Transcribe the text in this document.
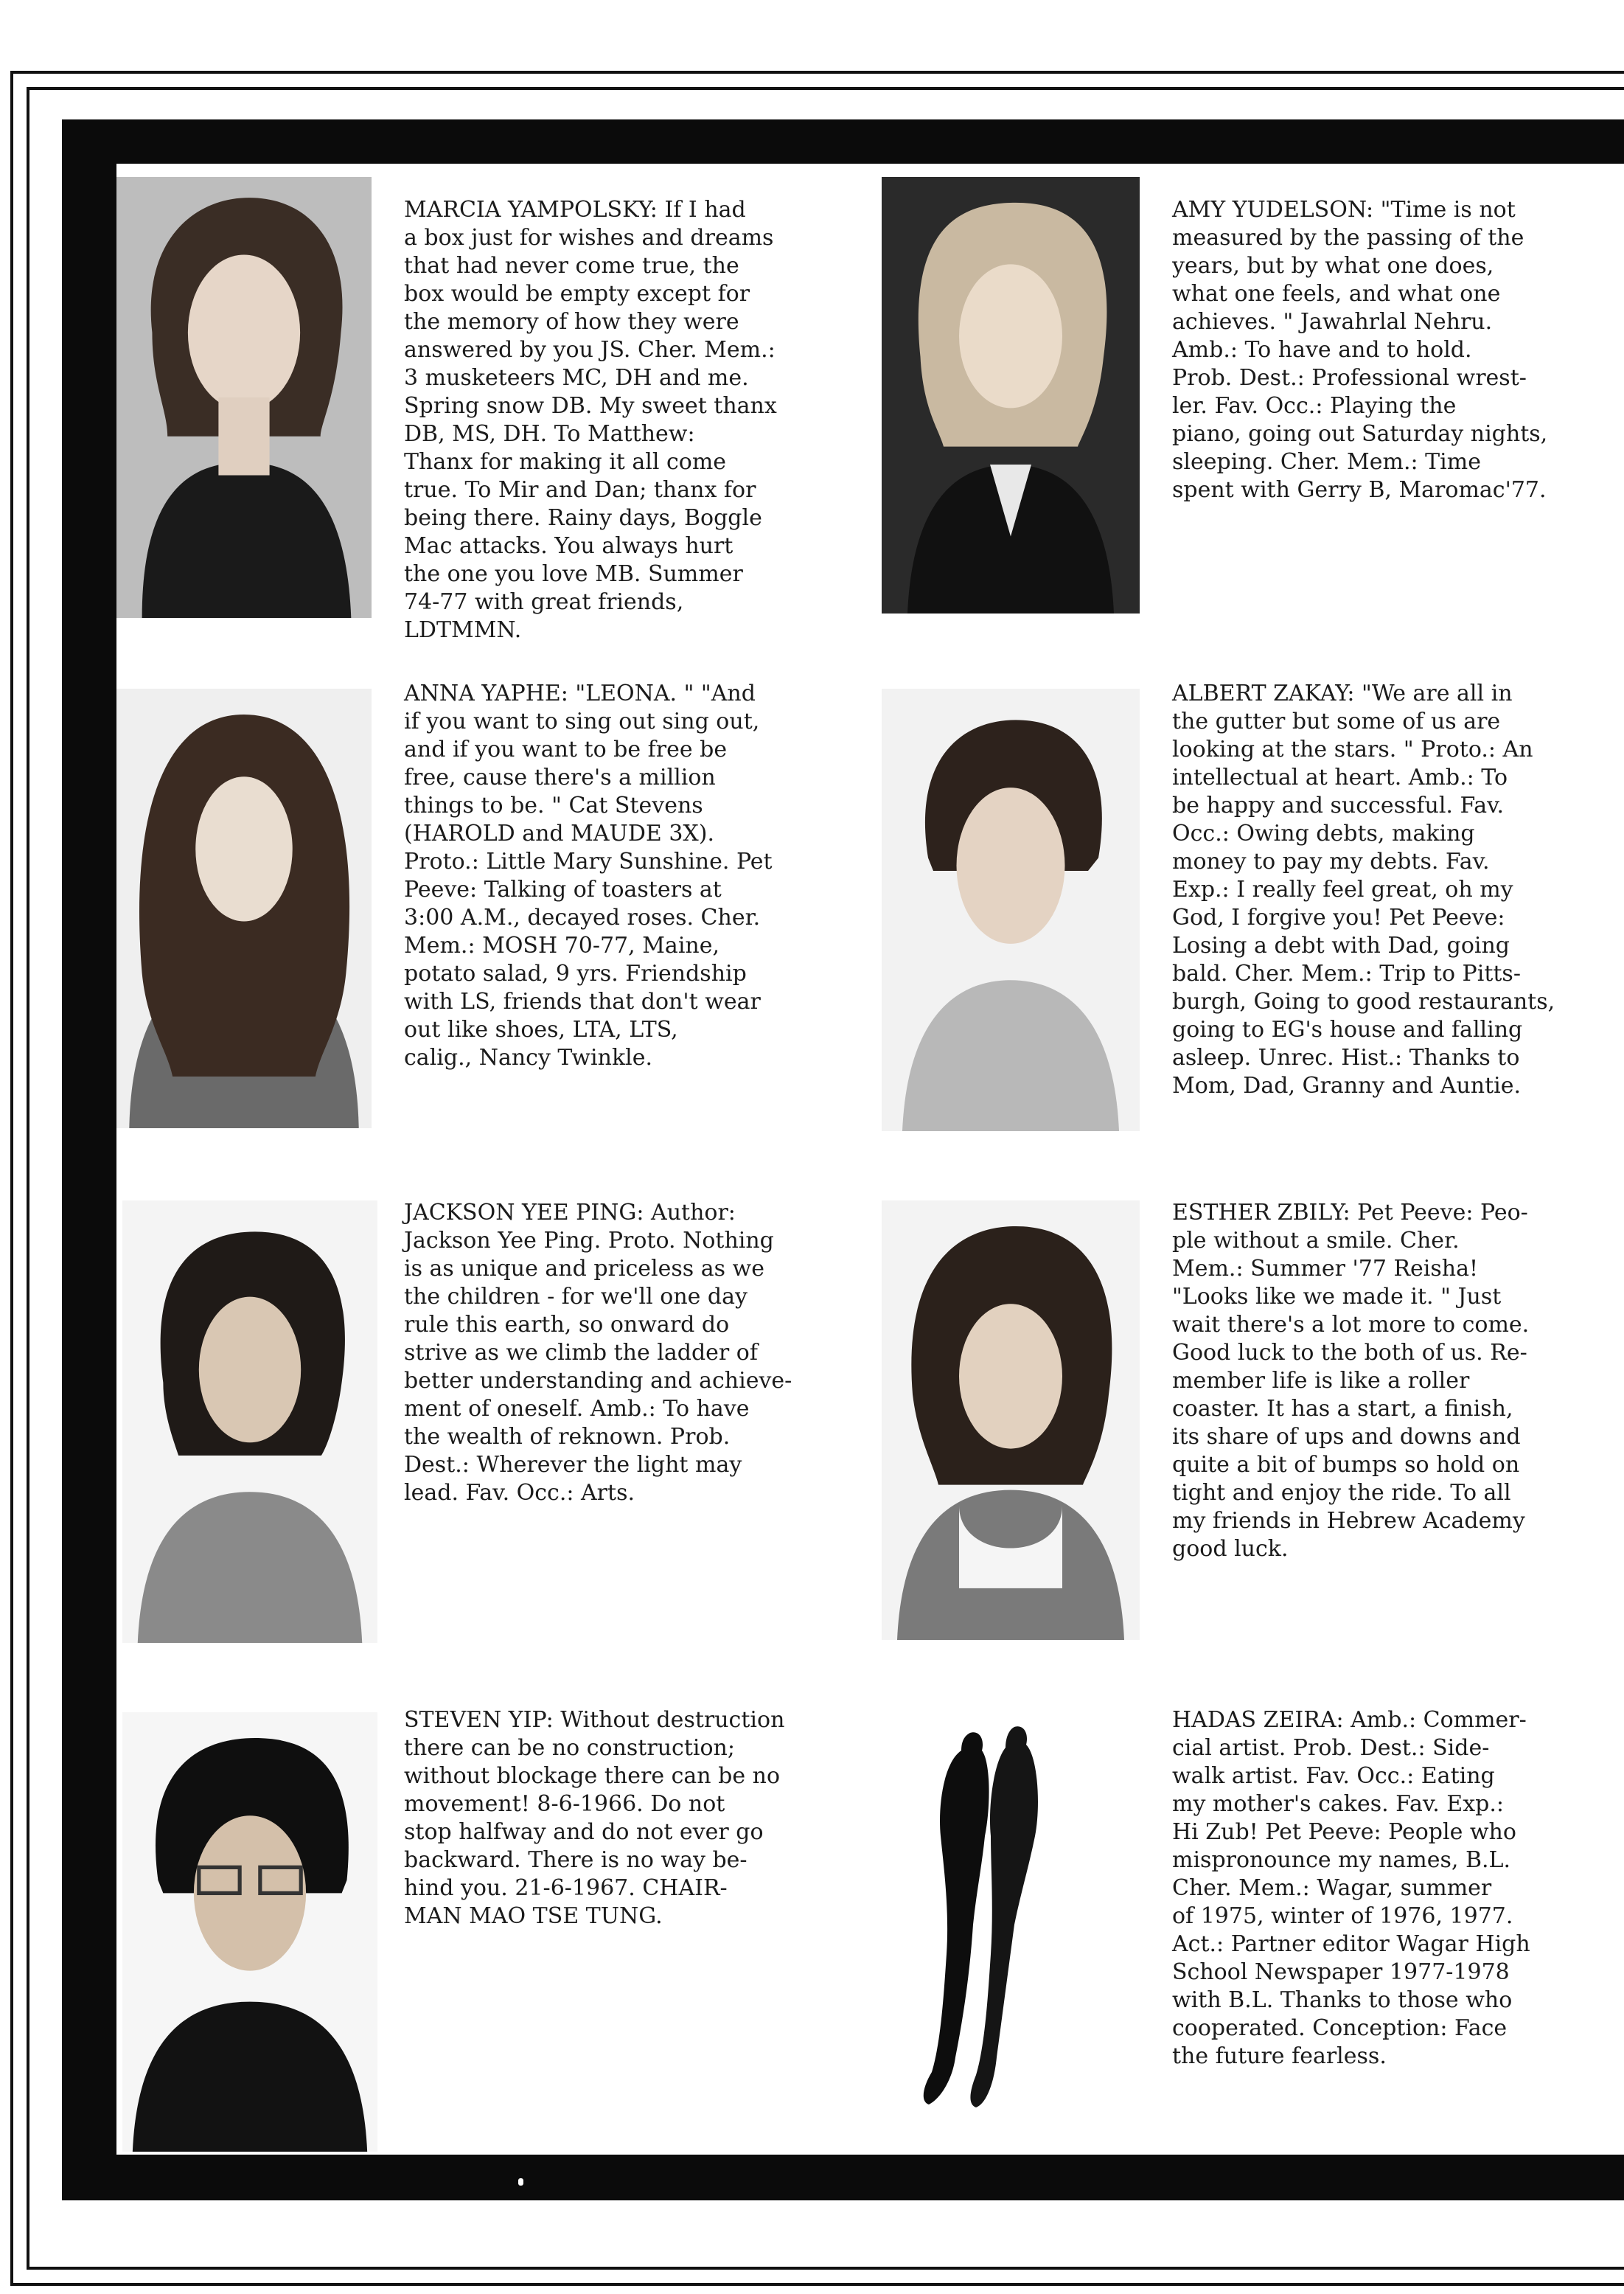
MARCIA YAMPOLSKY: If I had
a box just for wishes and dreams
that had never come true, the
box would be empty except for
the memory of how they were
answered by you JS. Cher. Mem.:
3 musketeers MC, DH and me.
Spring snow DB. My sweet thanx
DB, MS, DH. To Matthew:
Thanx for making it all come
true. To Mir and Dan; thanx for
being there. Rainy days, Boggle
Mac attacks. You always hurt
the one you love MB. Summer
74-77 with great friends,
LDTMMN.
AMY YUDELSON: "Time is not
measured by the passing of the
years, but by what one does,
what one feels, and what one
achieves. " Jawahrlal Nehru.
Amb.: To have and to hold.
Prob. Dest.: Professional wrest-
ler. Fav. Occ.: Playing the
piano, going out Saturday nights,
sleeping. Cher. Mem.: Time
spent with Gerry B, Maromac'77.
ANNA YAPHE: "LEONA. " "And
if you want to sing out sing out,
and if you want to be free be
free, cause there's a million
things to be. " Cat Stevens
(HAROLD and MAUDE 3X).
Proto.: Little Mary Sunshine. Pet
Peeve: Talking of toasters at
3:00 A.M., decayed roses. Cher.
Mem.: MOSH 70-77, Maine,
potato salad, 9 yrs. Friendship
with LS, friends that don't wear
out like shoes, LTA, LTS,
calig., Nancy Twinkle.
ALBERT ZAKAY: "We are all in
the gutter but some of us are
looking at the stars. " Proto.: An
intellectual at heart. Amb.: To
be happy and successful. Fav.
Occ.: Owing debts, making
money to pay my debts. Fav.
Exp.: I really feel great, oh my
God, I forgive you! Pet Peeve:
Losing a debt with Dad, going
bald. Cher. Mem.: Trip to Pitts-
burgh, Going to good restaurants,
going to EG's house and falling
asleep. Unrec. Hist.: Thanks to
Mom, Dad, Granny and Auntie.
JACKSON YEE PING: Author:
Jackson Yee Ping. Proto. Nothing
is as unique and priceless as we
the children - for we'll one day
rule this earth, so onward do
strive as we climb the ladder of
better understanding and achieve-
ment of oneself. Amb.: To have
the wealth of reknown. Prob.
Dest.: Wherever the light may
lead. Fav. Occ.: Arts.
ESTHER ZBILY: Pet Peeve: Peo-
ple without a smile. Cher.
Mem.: Summer '77 Reisha!
"Looks like we made it. " Just
wait there's a lot more to come.
Good luck to the both of us. Re-
member life is like a roller
coaster. It has a start, a finish,
its share of ups and downs and
quite a bit of bumps so hold on
tight and enjoy the ride. To all
my friends in Hebrew Academy
good luck.
STEVEN YIP: Without destruction
there can be no construction;
without blockage there can be no
movement! 8-6-1966. Do not
stop halfway and do not ever go
backward. There is no way be-
hind you. 21-6-1967. CHAIR-
MAN MAO TSE TUNG.
HADAS ZEIRA: Amb.: Commer-
cial artist. Prob. Dest.: Side-
walk artist. Fav. Occ.: Eating
my mother's cakes. Fav. Exp.:
Hi Zub! Pet Peeve: People who
mispronounce my names, B.L.
Cher. Mem.: Wagar, summer
of 1975, winter of 1976, 1977.
Act.: Partner editor Wagar High
School Newspaper 1977-1978
with B.L. Thanks to those who
cooperated. Conception: Face
the future fearless.
